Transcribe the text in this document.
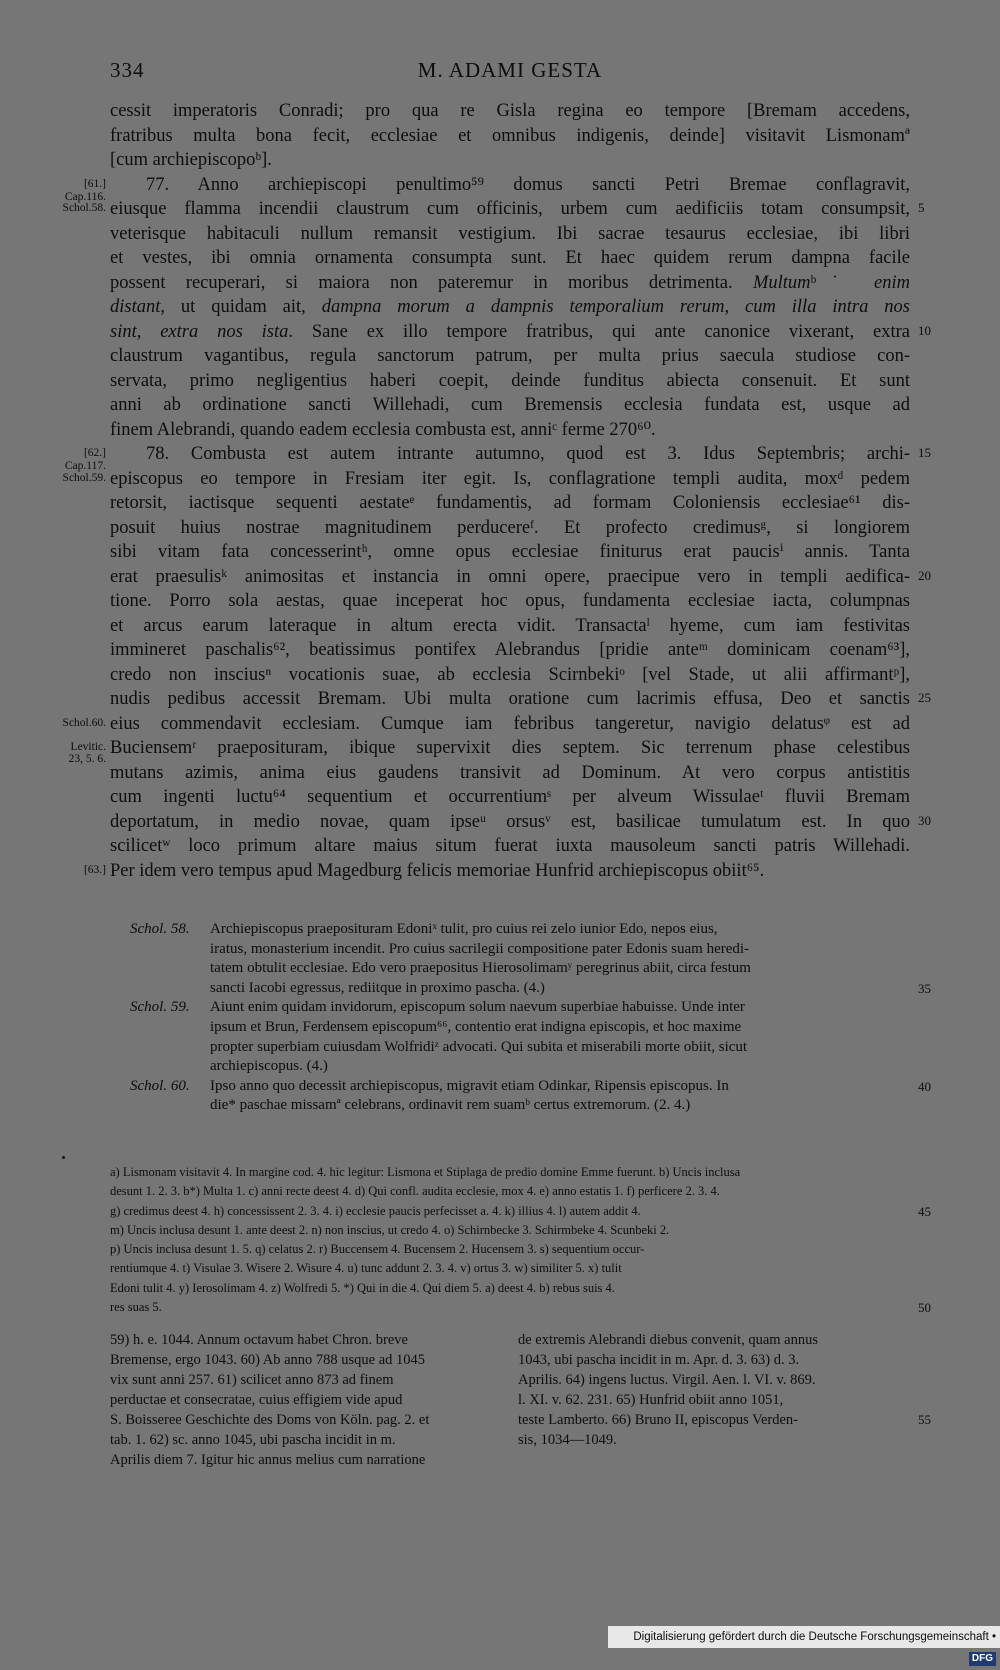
334	M. ADAMI GESTA
cessit imperatoris Conradi; pro qua re Gisla regina eo tempore [Bremam accedens,
fratribus multa bona fecit, ecclesiae et omnibus indigenis, deinde] visitavit Lismonamª
[cum archiepiscopoᵇ].
77. Anno archiepiscopi penultimo⁵⁹ domus sancti Petri Bremae conflagravit,
eiusque flamma incendii claustrum cum officinis, urbem cum aedificiis totam consumpsit,
veterisque habitaculi nullum remansit vestigium. Ibi sacrae tesaurus ecclesiae, ibi libri
et vestes, ibi omnia ornamenta consumpta sunt. Et haec quidem rerum dampna facile
possent recuperari, si maiora non pateremur in moribus detrimenta. Multumᵇ˙ enim
distant, ut quidam ait, dampna morum a dampnis temporalium rerum, cum illa intra nos
sint, extra nos ista. Sane ex illo tempore fratribus, qui ante canonice vixerant, extra
claustrum vagantibus, regula sanctorum patrum, per multa prius saecula studiose con-
servata, primo negligentius haberi coepit, deinde funditus abiecta consenuit. Et sunt
anni ab ordinatione sancti Willehadi, cum Bremensis ecclesia fundata est, usque ad
finem Alebrandi, quando eadem ecclesia combusta est, anniᶜ ferme 270⁶⁰.
78. Combusta est autem intrante autumno, quod est 3. Idus Septembris; archi-
episcopus eo tempore in Fresiam iter egit. Is, conflagratione templi audita, moxᵈ pedem
retorsit, iactisque sequenti aestateᵉ fundamentis, ad formam Coloniensis ecclesiae⁶¹ dis-
posuit huius nostrae magnitudinem perducereᶠ. Et profecto credimusᵍ, si longiorem
sibi vitam fata concesserintʰ, omne opus ecclesiae finiturus erat paucisⁱ annis. Tanta
erat praesulisᵏ animositas et instancia in omni opere, praecipue vero in templi aedifica-
tione. Porro sola aestas, quae inceperat hoc opus, fundamenta ecclesiae iacta, columpnas
et arcus earum lateraque in altum erecta vidit. Transactaˡ hyeme, cum iam festivitas
immineret paschalis⁶², beatissimus pontifex Alebrandus [pridie anteᵐ dominicam coenam⁶³],
credo non insciusⁿ vocationis suae, ab ecclesia Scirnbekiᵒ [vel Stade, ut alii affirmantᵖ],
nudis pedibus accessit Bremam. Ubi multa oratione cum lacrimis effusa, Deo et sanctis
eius commendavit ecclesiam. Cumque iam febribus tangeretur, navigio delatusᵠ est ad
Buciensemʳ praeposituram, ibique supervixit dies septem. Sic terrenum phase celestibus
mutans azimis, anima eius gaudens transivit ad Dominum. At vero corpus antistitis
cum ingenti luctu⁶⁴ sequentium et occurrentiumˢ per alveum Wissulaeᵗ fluvii Bremam
deportatum, in medio novae, quam ipseᵘ orsusᵛ est, basilicae tumulatum est. In quo
scilicetʷ loco primum altare maius situm fuerat iuxta mausoleum sancti patris Willehadi.
Per idem vero tempus apud Magedburg felicis memoriae Hunfrid archiepiscopus obiit⁶⁵.
[61.]
Cap.116.
Schol.58.
[62.]
Cap.117.
Schol.59.
Schol.60.
Levitic.
23, 5. 6.
[63.]
5
10
15
20
25
30
Schol. 58. Archiepiscopus praeposituram Edoniˣ tulit, pro cuius rei zelo iunior Edo, nepos eius,
iratus, monasterium incendit. Pro cuius sacrilegii compositione pater Edonis suam heredi-
tatem obtulit ecclesiae. Edo vero praepositus Hierosolimamʸ peregrinus abiit, circa festum
sancti Iacobi egressus, rediitque in proximo pascha. (4.)
Schol. 59. Aiunt enim quidam invidorum, episcopum solum naevum superbiae habuisse. Unde inter
ipsum et Brun, Ferdensem episcopum⁶⁶, contentio erat indigna episcopis, et hoc maxime
propter superbiam cuiusdam Wolfridiᶻ advocati. Qui subita et miserabili morte obiit, sicut
archiepiscopus. (4.)
Schol. 60. Ipso anno quo decessit archiepiscopus, migravit etiam Odinkar, Ripensis episcopus. In
die* paschae missamª celebrans, ordinavit rem suamᵇ certus extremorum. (2. 4.)
35
40
a) Lismonam visitavit 4. In margine cod. 4. hic legitur: Lismona et Stiplaga de predio domine Emme fuerunt. b) Uncis inclusa
desunt 1. 2. 3. b*) Multa 1. c) anni recte deest 4. d) Qui confl. audita ecclesie, mox 4. e) anno estatis 1. f) perficere 2. 3. 4.
g) credimus deest 4. h) concessissent 2. 3. 4. i) ecclesie paucis perfecisset a. 4. k) illius 4. l) autem addit 4.
m) Uncis inclusa desunt 1. ante deest 2. n) non inscius, ut credo 4. o) Schirnbecke 3. Schirmbeke 4. Scunbeki 2.
p) Uncis inclusa desunt 1. 5. q) celatus 2. r) Buccensem 4. Bucensem 2. Hucensem 3. s) sequentium occur-
rentiumque 4. t) Visulae 3. Wisere 2. Wisure 4. u) tunc addunt 2. 3. 4. v) ortus 3. w) similiter 5. x) tulit
Edoni tulit 4. y) Ierosolimam 4. z) Wolfredi 5. *) Qui in die 4. Qui diem 5. a) deest 4. b) rebus suis 4.
res suas 5.
45
50
59) h. e. 1044. Annum octavum habet Chron. breve
Bremense, ergo 1043. 60) Ab anno 788 usque ad 1045
vix sunt anni 257. 61) scilicet anno 873 ad finem
perductae et consecratae, cuius effigiem vide apud
S. Boisseree Geschichte des Doms von Köln. pag. 2. et
tab. 1. 62) sc. anno 1045, ubi pascha incidit in m.
Aprilis diem 7. Igitur hic annus melius cum narratione
de extremis Alebrandi diebus convenit, quam annus
1043, ubi pascha incidit in m. Apr. d. 3. 63) d. 3.
Aprilis. 64) ingens luctus. Virgil. Aen. l. VI. v. 869.
l. XI. v. 62. 231. 65) Hunfrid obiit anno 1051,
teste Lamberto. 66) Bruno II, episcopus Verden-
sis, 1034—1049.
55
Digitalisierung gefördert durch die Deutsche Forschungsgemeinschaft •DFG
